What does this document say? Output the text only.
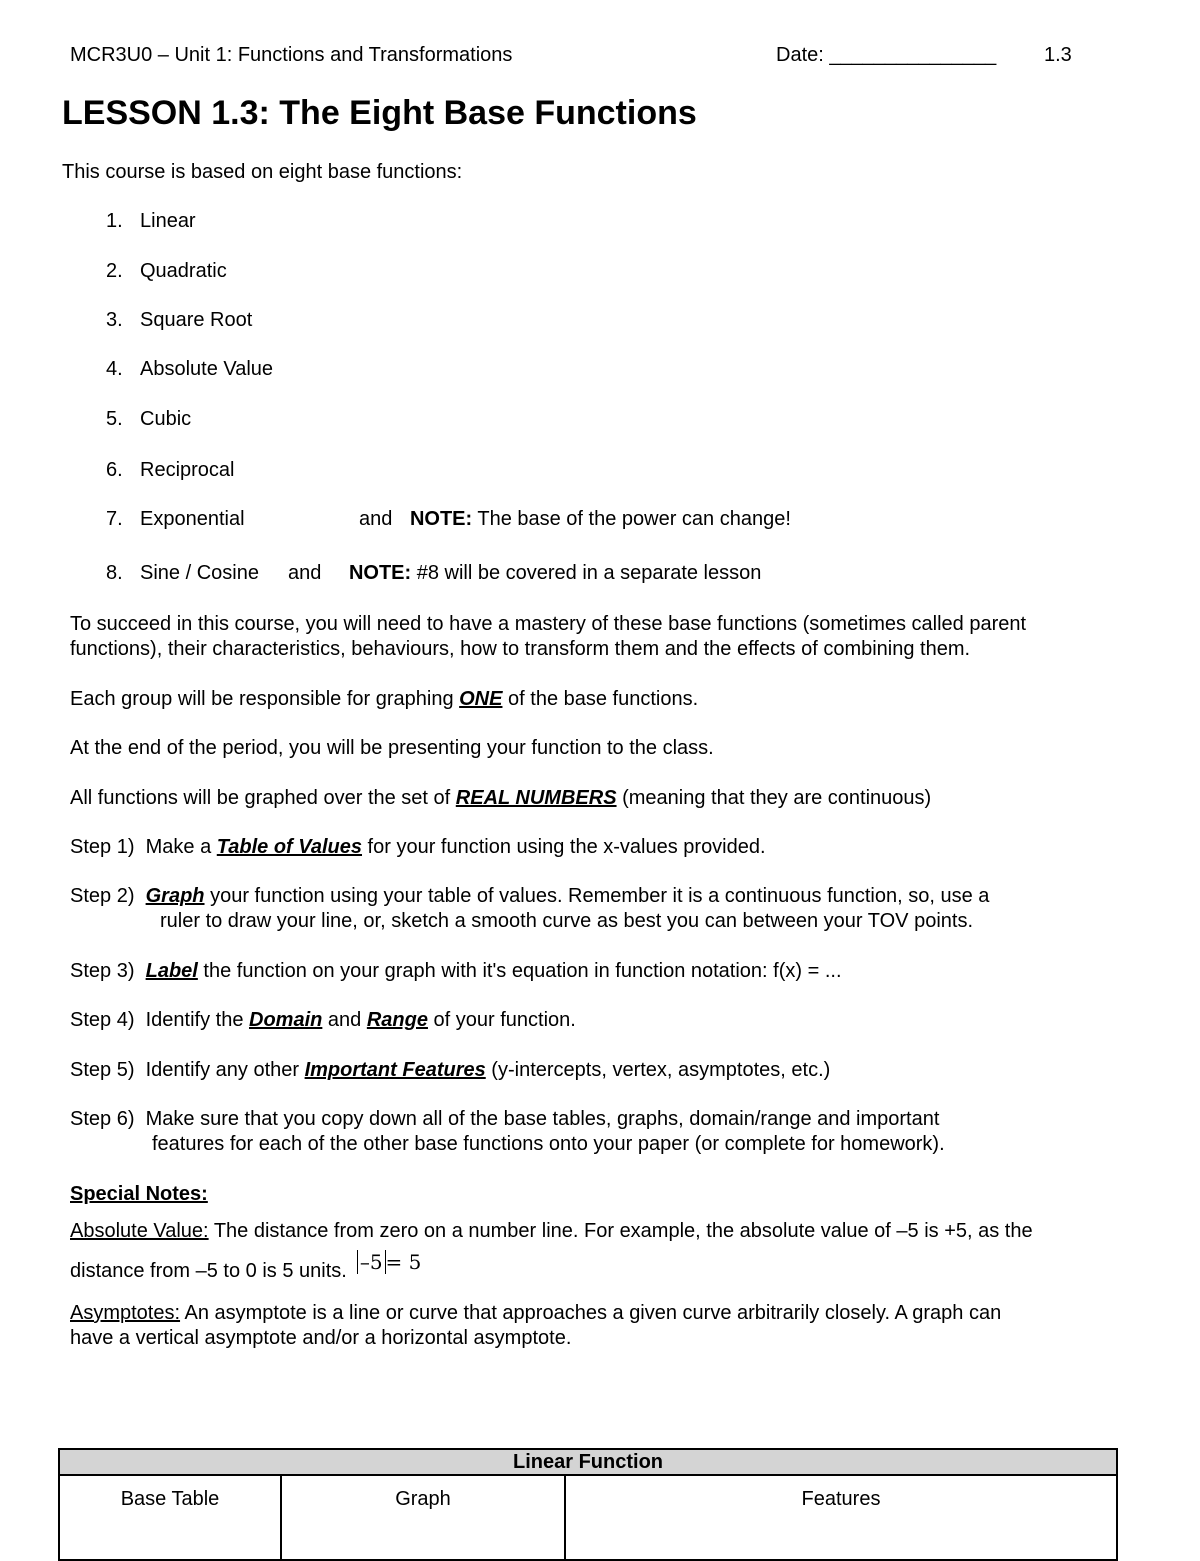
MCR3U0 – Unit 1: Functions and Transformations	Date: _______________ 1.3
LESSON 1.3: The Eight Base Functions
This course is based on eight base functions:
1. Linear
2. Quadratic
3. Square Root
4. Absolute Value
5. Cubic
6. Reciprocal
7. Exponential	and NOTE: The base of the power can change!
8. Sine / Cosine and NOTE: #8 will be covered in a separate lesson
To succeed in this course, you will need to have a mastery of these base functions (sometimes called parent
functions), their characteristics, behaviours, how to transform them and the effects of combining them.
Each group will be responsible for graphing ONE of the base functions.
At the end of the period, you will be presenting your function to the class.
All functions will be graphed over the set of REAL NUMBERS (meaning that they are continuous)
Step 1) Make a Table of Values for your function using the x-values provided.
Step 2) Graph your function using your table of values. Remember it is a continuous function, so, use a
ruler to draw your line, or, sketch a smooth curve as best you can between your TOV points.
Step 3) Label the function on your graph with it's equation in function notation: f(x) = ...
Step 4) Identify the Domain and Range of your function.
Step 5) Identify any other Important Features (y-intercepts, vertex, asymptotes, etc.)
Step 6) Make sure that you copy down all of the base tables, graphs, domain/range and important
features for each of the other base functions onto your paper (or complete for homework).
Special Notes:
Absolute Value: The distance from zero on a number line. For example, the absolute value of –5 is +5, as the
distance from –5 to 0 is 5 units. –5 = 5
Asymptotes: An asymptote is a line or curve that approaches a given curve arbitrarily closely. A graph can
have a vertical asymptote and/or a horizontal asymptote.
Linear Function
Base Table	Graph	Features
